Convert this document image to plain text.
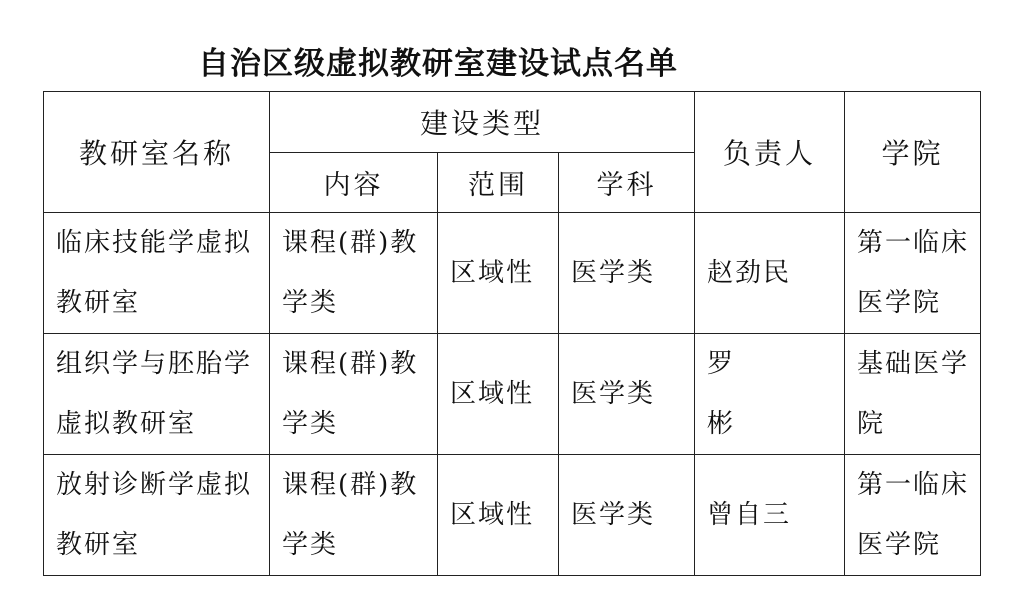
自治区级虚拟教研室建设试点名单
教研室名称	建设类型			负责人	学院
	内容	范围	学科		
临床技能学虚拟教研室	课程(群)教学类	区域性	医学类	赵劲民	第一临床医学院
组织学与胚胎学虚拟教研室	课程(群)教学类	区域性	医学类	罗 彬	基础医学院
放射诊断学虚拟教研室	课程(群)教学类	区域性	医学类	曾自三	第一临床医学院
